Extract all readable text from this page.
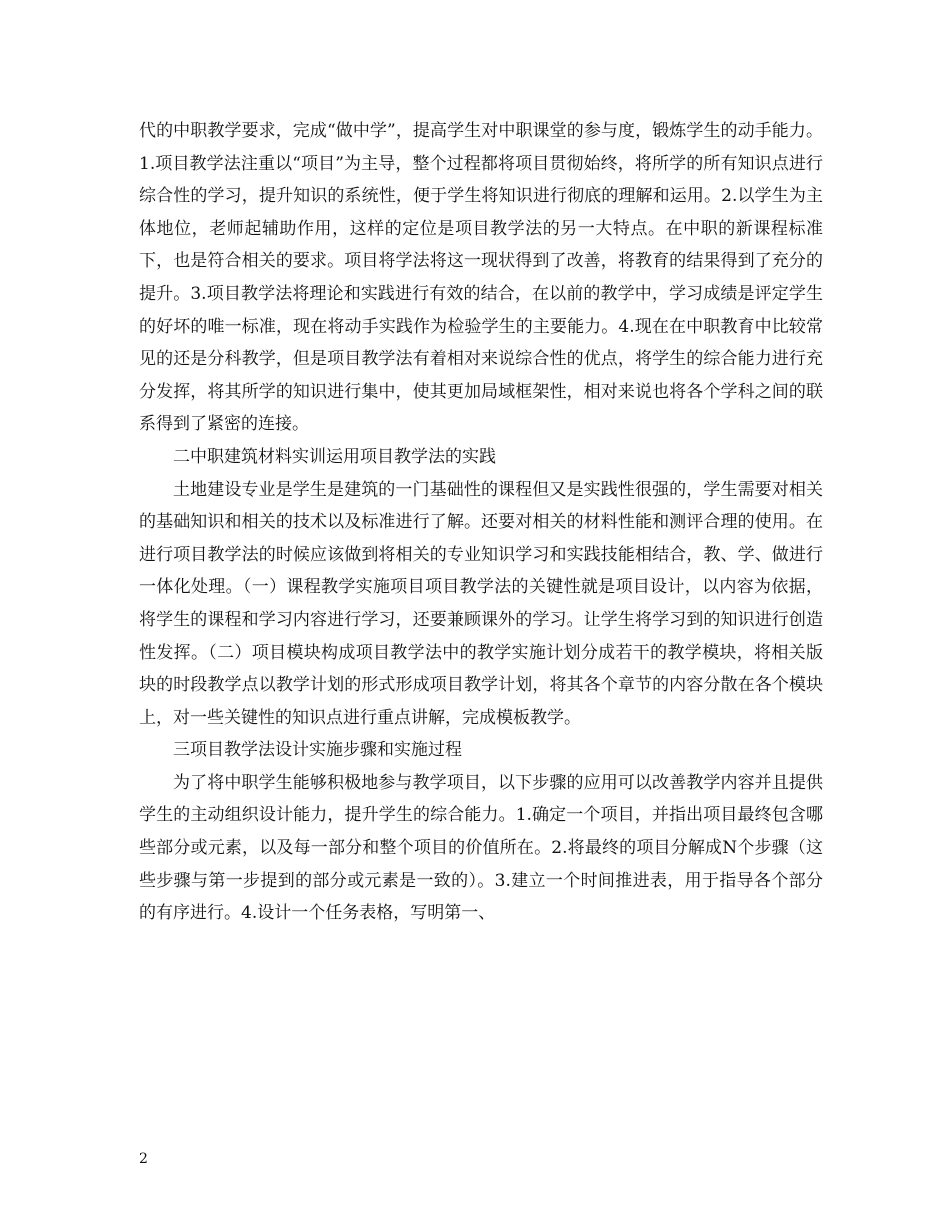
代的中职教学要求，完成“做中学”，提高学生对中职课堂的参与度，锻炼学生的动手能力。1.项目教学法注重以“项目”为主导，整个过程都将项目贯彻始终，将所学的所有知识点进行综合性的学习，提升知识的系统性，便于学生将知识进行彻底的理解和运用。2.以学生为主体地位，老师起辅助作用，这样的定位是项目教学法的另一大特点。在中职的新课程标准下，也是符合相关的要求。项目将学法将这一现状得到了改善，将教育的结果得到了充分的提升。3.项目教学法将理论和实践进行有效的结合，在以前的教学中，学习成绩是评定学生的好坏的唯一标准，现在将动手实践作为检验学生的主要能力。4.现在在中职教育中比较常见的还是分科教学，但是项目教学法有着相对来说综合性的优点，将学生的综合能力进行充分发挥，将其所学的知识进行集中，使其更加局域框架性，相对来说也将各个学科之间的联系得到了紧密的连接。

二中职建筑材料实训运用项目教学法的实践

土地建设专业是学生是建筑的一门基础性的课程但又是实践性很强的，学生需要对相关的基础知识和相关的技术以及标准进行了解。还要对相关的材料性能和测评合理的使用。在进行项目教学法的时候应该做到将相关的专业知识学习和实践技能相结合，教、学、做进行一体化处理。（一）课程教学实施项目项目教学法的关键性就是项目设计，以内容为依据，将学生的课程和学习内容进行学习，还要兼顾课外的学习。让学生将学习到的知识进行创造性发挥。（二）项目模块构成项目教学法中的教学实施计划分成若干的教学模块，将相关版块的时段教学点以教学计划的形式形成项目教学计划，将其各个章节的内容分散在各个模块上，对一些关键性的知识点进行重点讲解，完成模板教学。

三项目教学法设计实施步骤和实施过程

为了将中职学生能够积极地参与教学项目，以下步骤的应用可以改善教学内容并且提供学生的主动组织设计能力，提升学生的综合能力。1.确定一个项目，并指出项目最终包含哪些部分或元素，以及每一部分和整个项目的价值所在。2.将最终的项目分解成N个步骤（这些步骤与第一步提到的部分或元素是一致的）。3.建立一个时间推进表，用于指导各个部分的有序进行。4.设计一个任务表格，写明第一、

2
